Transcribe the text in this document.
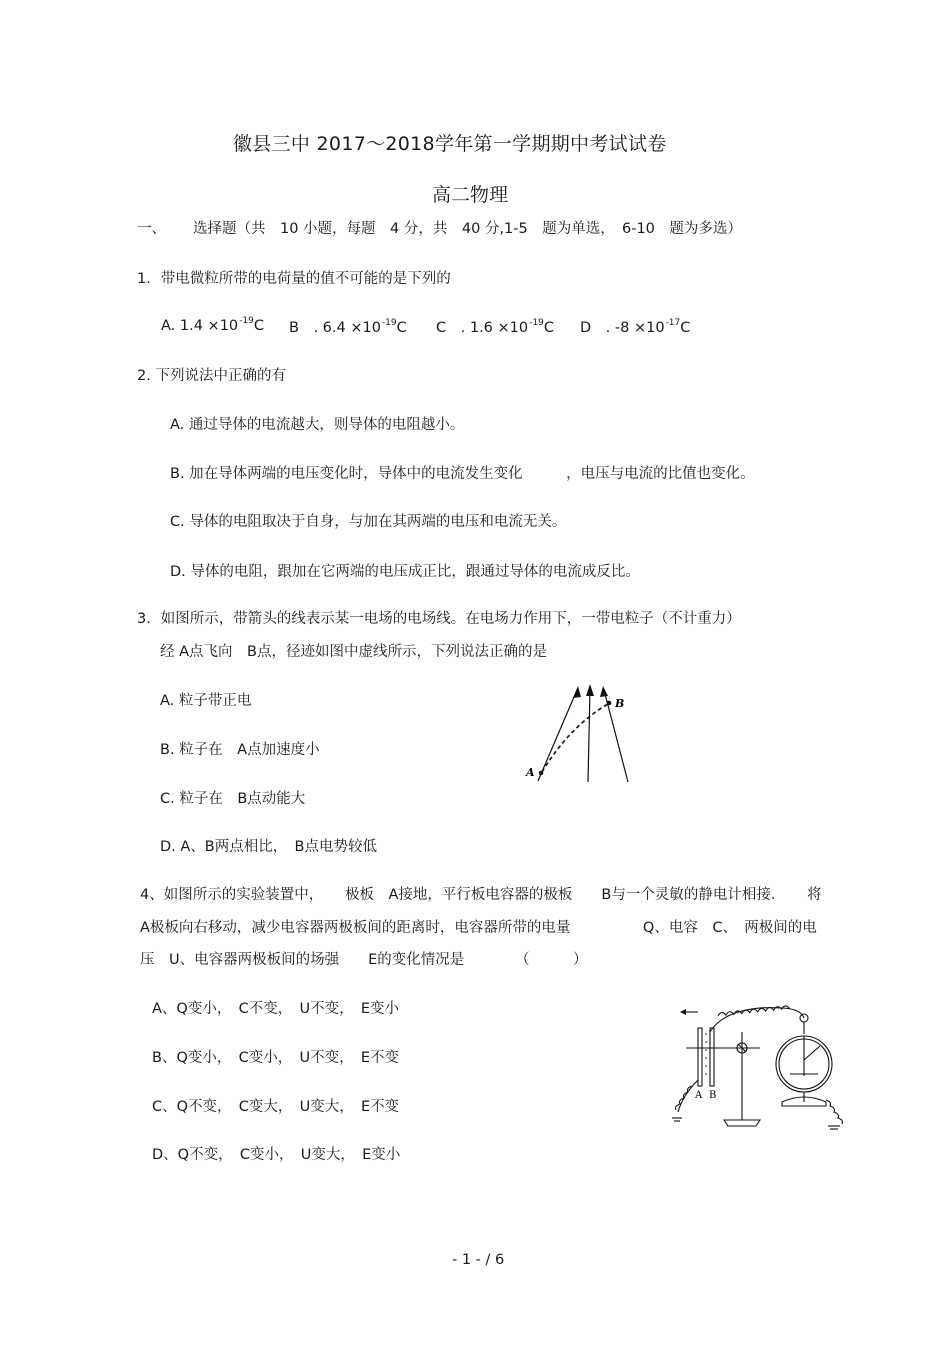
徽县三中 2017～2018学年第一学期期中考试试卷
高二物理
一、 选择题（共　10 小题，每题　4 分，共　40 分,1-5　题为单选，　6-10　题为多选）
1．带电微粒所带的电荷量的值不可能的是下列的
A. $1.4 \times 10^{-19}C$ B　. $6.4 \times 10^{-19}C$ C　. $1.6 \times 10^{-19}C$ D　. $-8 \times 10^{-17}C$
2. 下列说法中正确的有
A. 通过导体的电流越大，则导体的电阻越小。
B. 加在导体两端的电压变化时，导体中的电流发生变化　　　，电压与电流的比值也变化。
C. 导体的电阻取决于自身，与加在其两端的电压和电流无关。
D. 导体的电阻，跟加在它两端的电压成正比，跟通过导体的电流成反比。
3．如图所示，带箭头的线表示某一电场的电场线。在电场力作用下，一带电粒子（不计重力）
经 A点飞向　B点，径迹如图中虚线所示，下列说法正确的是
A. 粒子带正电
B. 粒子在　A点加速度小
C. 粒子在　B点动能大
D. A、B两点相比，　B点电势较低
A
B
4、如图所示的实验装置中，　　极板　A接地，平行板电容器的极板　　B与一个灵敏的静电计相接．　　将
A极板向右移动，减少电容器两极板间的距离时，电容器所带的电量　　　　　Q、电容　C、　两极间的电
压　U、电容器两极板间的场强　　E的变化情况是　　　　（　　　）
A、Q变小，　C不变，　U不变，　E变小
B、Q变小，　C变小，　U不变，　E不变
C、Q不变，　C变大，　U变大，　E不变
D、Q不变，　C变小，　U变大，　E变小
A B
- 1 - / 6
